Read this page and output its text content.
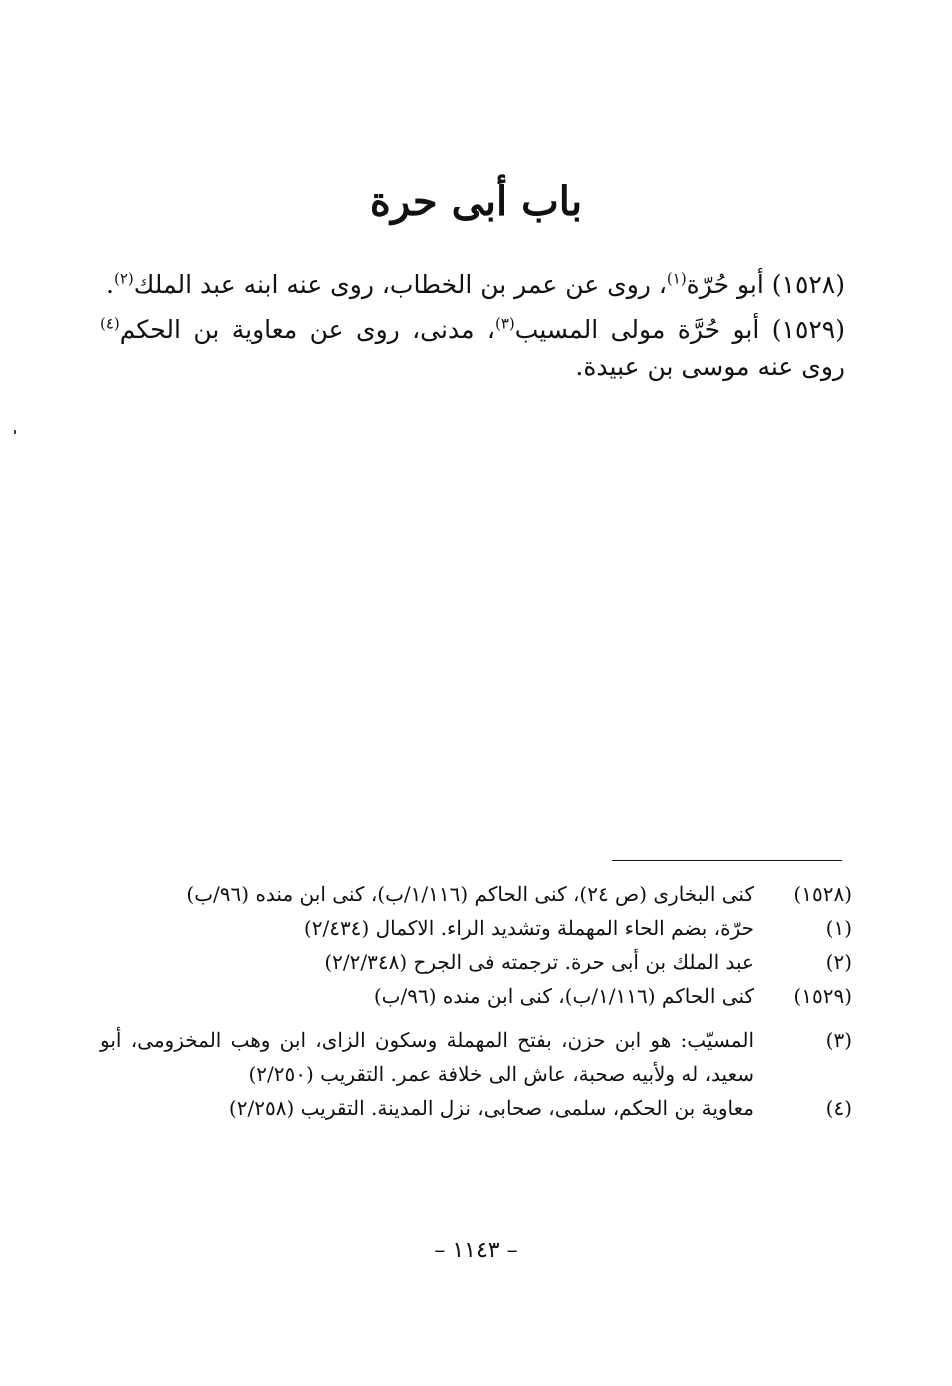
باب أبى حرة

(١٥٢٨) أبو حُرّة$^{(١)}$، روى عن عمر بن الخطاب، روى عنه ابنه عبد الملك$^{(٢)}$.

(١٥٢٩) أبو حُرَّة مولى المسيب$^{(٣)}$، مدنى، روى عن معاوية بن الحكم$^{(٤)}$ روى عنه موسى بن عبيدة.

(١٥٢٨)
كنى البخارى (ص ٢٤)، كنى الحاكم (١/١١٦/ب)، كنى ابن منده (٩٦/ب)
(١)
حرّة، بضم الحاء المهملة وتشديد الراء. الاكمال (٢/٤٣٤)
(٢)
عبد الملك بن أبى حرة. ترجمته فى الجرح (٢/٢/٣٤٨)
(١٥٢٩)
كنى الحاكم (١/١١٦/ب)، كنى ابن منده (٩٦/ب)
(٣)
المسيّب: هو ابن حزن، بفتح المهملة وسكون الزاى، ابن وهب المخزومى، أبو سعيد، له ولأبيه صحبة، عاش الى خلافة عمر. التقريب (٢/٢٥٠)
(٤)
معاوية بن الحكم، سلمى، صحابى، نزل المدينة. التقريب (٢/٢٥٨)
– ١١٤٣ –
